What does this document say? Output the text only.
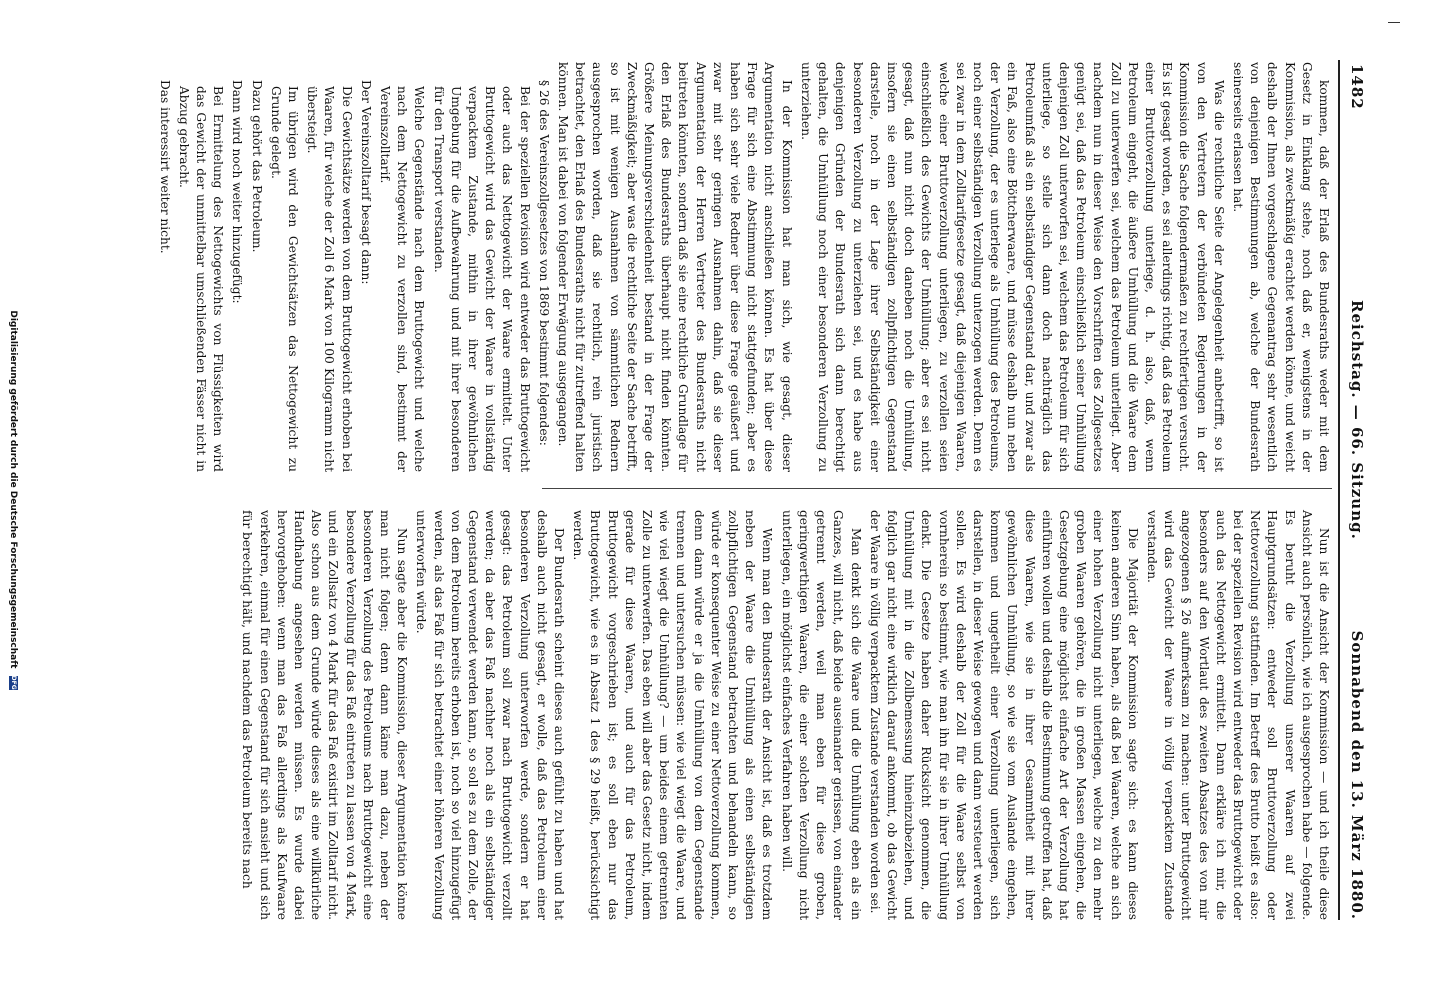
1482
Reichstag. — 66. Sitzung.
Sonnabend den 13. März 1880.

kommen, daß der Erlaß des Bundesraths weder mit dem Gesetz in Einklang stehe, noch daß er, wenigstens in der Kommission, als zweckmäßig erachtet werden könne, und weicht deshalb der Ihnen vorgeschlagene Gegenantrag sehr wesentlich von denjenigen Bestimmungen ab, welche der Bundesrath seinerseits erlassen hat.

Was die rechtliche Seite der Angelegenheit anbetrifft, so ist von den Vertretern der verbündeten Regierungen in der Kommission die Sache folgendermaßen zu rechtfertigen versucht. Es ist gesagt worden, es sei allerdings richtig, daß das Petroleum einer Bruttoverzollung unterliege, d. h. also, daß, wenn Petroleum eingeht, die äußere Umhüllung und die Waare dem Zoll zu unterwerfen sei, welchem das Petroleum unterliegt. Aber nachdem nun in dieser Weise den Vorschriften des Zollgesetzes genügt sei, daß das Petroleum einschließlich seiner Umhüllung denjenigen Zoll unterworfen sei, welchem das Petroleum für sich unterliege, so stelle sich dann doch nachträglich das Petroleumfaß als ein selbständiger Gegenstand dar, und zwar als ein Faß, also eine Böttcherwaare, und müsse deshalb nun neben der Verzollung, der es unterlege als Umhüllung des Petroleums, noch einer selbständigen Verzollung unterzogen werden. Denn es sei zwar in dem Zolltarifgesetze gesagt, daß diejenigen Waaren, welche einer Bruttoverzollung unterliegen, zu verzollen seien einschließlich des Gewichts der Umhüllung; aber es sei nicht gesagt, daß nun nicht doch daneben noch die Umhüllung, insofern sie einen selbständigen zollpflichtigen Gegenstand darstelle, noch in der Lage ihrer Selbständigkeit einer besonderen Verzollung zu unterziehen sei, und es habe aus denjenigen Gründen der Bundesrath sich dann berechtigt gehalten, die Umhüllung noch einer besonderen Verzollung zu unterziehen.

In der Kommission hat man sich, wie gesagt, dieser Argumentation nicht anschließen können. Es hat über diese Frage für sich eine Abstimmung nicht stattgefunden; aber es haben sich sehr viele Redner über diese Frage geäußert und zwar mit sehr geringen Ausnahmen dahin, daß sie dieser Argumentation der Herren Vertreter des Bundesraths nicht beitreten könnten, sondern daß sie eine rechtliche Grundlage für den Erlaß des Bundesraths überhaupt nicht finden könnten. Größere Meinungsverschiedenheit bestand in der Frage der Zweckmäßigkeit; aber was die rechtliche Seite der Sache betrifft, so ist mit wenigen Ausnahmen von sämmtlichen Rednern ausgesprochen worden, daß sie rechtlich, rein juristisch betrachtet, den Erlaß des Bundesraths nicht für zutreffend halten können. Man ist dabei von folgender Erwägung ausgegangen.

§ 26 des Vereinszollgesetzes von 1869 bestimmt folgendes:

Bei der speziellen Revision wird entweder das Bruttogewicht oder auch das Nettogewicht der Waare ermittelt. Unter Bruttogewicht wird das Gewicht der Waare in vollständig verpacktem Zustande, mithin in ihrer gewöhnlichen Umgebung für die Aufbewahrung und mit ihrer besonderen für den Transport verstanden.

Welche Gegenstände nach dem Bruttogewicht und welche nach dem Nettogewicht zu verzollen sind, bestimmt der Vereinszolltarif.

Der Vereinszolltarif besagt dann:

Die Gewichtsätze werden von dem Bruttogewicht erhoben bei Waaren, für welche der Zoll 6 Mark von 100 Kilogramm nicht übersteigt.

Im übrigen wird den Gewichtsätzen das Nettogewicht zu Grunde gelegt.

Dazu gehört das Petroleum.

Dann wird noch weiter hinzugefügt:

Bei Ermittelung des Nettogewichts von Flüssigkeiten wird das Gewicht der unmittelbar umschließenden Fässer nicht in Abzug gebracht.

Das interessirt weiter nicht.

Nun ist die Ansicht der Kommission — und ich theile diese Ansicht auch persönlich, wie ich ausgesprochen habe — folgende. Es beruht die Verzollung unserer Waaren auf zwei Hauptgrundsätzen: entweder soll Bruttoverzollung oder Nettoverzollung stattfinden. Im Betreff des Brutto heißt es also: bei der speziellen Revision wird entweder das Bruttogewicht oder auch das Nettogewicht ermittelt. Dann erkläre ich mir, die besonders auf den Wortlaut des zweiten Absatzes des von mir angezogenen § 26 aufmerksam zu machen: unter Bruttogewicht wird das Gewicht der Waare in völlig verpacktem Zustande verstanden.

Die Majorität der Kommission sagte sich: es kann dieses keinen anderen Sinn haben, als daß bei Waaren, welche an sich einer hohen Verzollung nicht unterliegen, welche zu den mehr groben Waaren gehören, die in großen Massen eingehen, die Gesetzgebung eine möglichst einfache Art der Verzollung hat einführen wollen und deshalb die Bestimmung getroffen hat, daß diese Waaren, wie sie in ihrer Gesammtheit mit ihrer gewöhnlichen Umhüllung, so wie sie vom Auslande eingehen, kommen und ungetheilt einer Verzollung unterliegen, sich darstellen, in dieser Weise gewogen und dann versteuert werden sollen. Es wird deshalb der Zoll für die Waare selbst von vornherein so bestimmt, wie man ihn für sie in ihrer Umhüllung denkt. Die Gesetze haben daher Rücksicht genommen, die Umhüllung mit in die Zollbemessung hineinzubeziehen, und folglich gar nicht eine wirklich darauf ankommt, ob das Gewicht der Waare in völlig verpacktem Zustande verstanden worden sei.

Man denkt sich die Waare und die Umhüllung eben als ein Ganzes, will nicht, daß beide auseinander gerissen, von einander getrennt werden, weil man eben für diese groben, geringwerthigen Waaren, die einer solchen Verzollung nicht unterliegen, ein möglichst einfaches Verfahren haben will.

Wenn man den Bundesrath der Ansicht ist, daß es trotzdem neben der Waare die Umhüllung als einen selbständigen zollpflichtigen Gegenstand betrachten und behandeln kann, so würde er konsequenter Weise zu einer Nettoverzollung kommen, denn dann würde er ja die Umhüllung von dem Gegenstande trennen und untersuchen müssen: wie viel wiegt die Waare, und wie viel wiegt die Umhüllung? — um beides einem getrennten Zolle zu unterwerfen. Das eben will aber das Gesetz nicht, indem gerade für diese Waaren, und auch für das Petroleum, Bruttogewicht vorgeschrieben ist; es soll eben nur das Bruttogewicht, wie es in Absatz 1 des § 29 heißt, berücksichtigt werden.

Der Bundesrath scheint dieses auch gefühlt zu haben und hat deshalb auch nicht gesagt, er wolle, daß das Petroleum einer besonderen Verzollung unterworfen werde, sondern er hat gesagt: das Petroleum soll zwar nach Bruttogewicht verzollt werden; da aber das Faß nachher noch als ein selbständiger Gegenstand verwendet werden kann, so soll es zu dem Zolle, der von dem Petroleum bereits erhoben ist, noch so viel hinzugefügt werden, als das Faß für sich betrachtet einer höheren Verzollung unterworfen würde.

Nun sagte aber die Kommission, dieser Argumentation könne man nicht folgen; denn dann käme man dazu, neben der besonderen Verzollung des Petroleums nach Bruttogewicht eine besondere Verzollung für das Faß eintreten zu lassen von 4 Mark, und ein Zollsatz von 4 Mark für das Faß existirt im Zolltarif nicht. Also schon aus dem Grunde würde dieses als eine willkürliche Handhabung angesehen werden müssen. Es wurde dabei hervorgehoben: wenn man das Faß allerdings als Kaufwaare verkehren, einmal für einen Gegenstand für sich ansieht und sich für berechtigt hält, und nachdem das Petroleum bereits nach

Digitalisierung gefördert durch die Deutsche Forschungsgemeinschaft DFG
